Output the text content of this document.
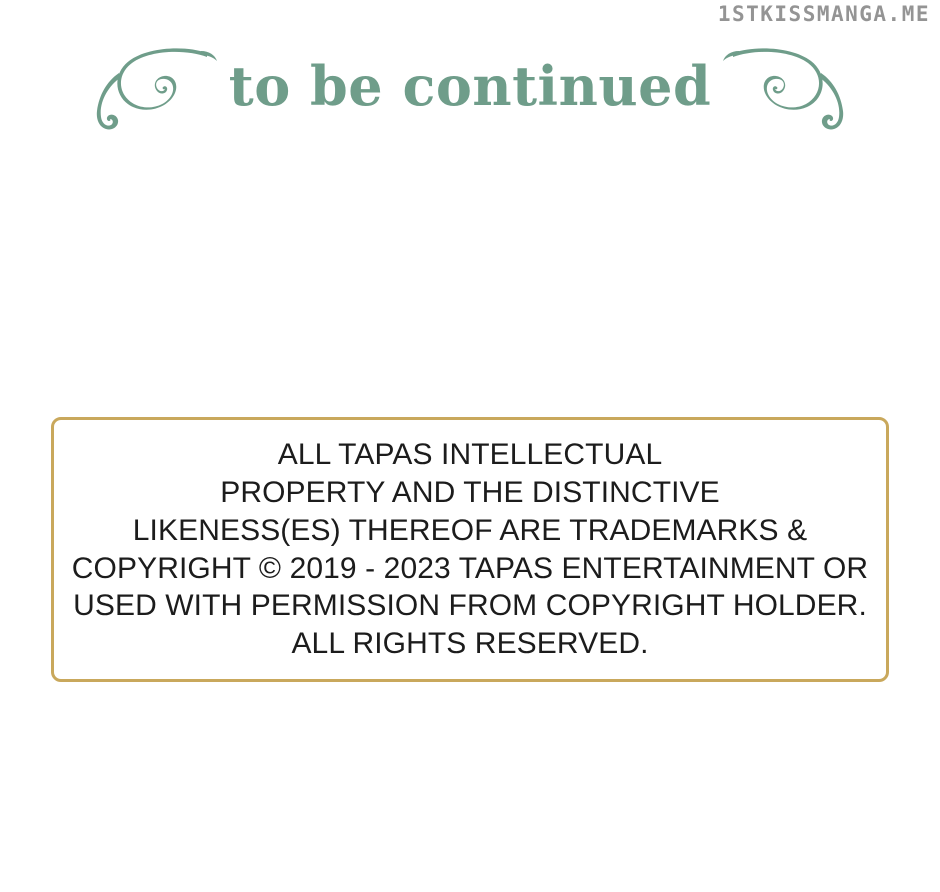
1STKISSMANGA.ME
to be continued
ALL TAPAS INTELLECTUAL
PROPERTY AND THE DISTINCTIVE
LIKENESS(ES) THEREOF ARE TRADEMARKS &
COPYRIGHT © 2019 - 2023 TAPAS ENTERTAINMENT OR
USED WITH PERMISSION FROM COPYRIGHT HOLDER.
ALL RIGHTS RESERVED.
